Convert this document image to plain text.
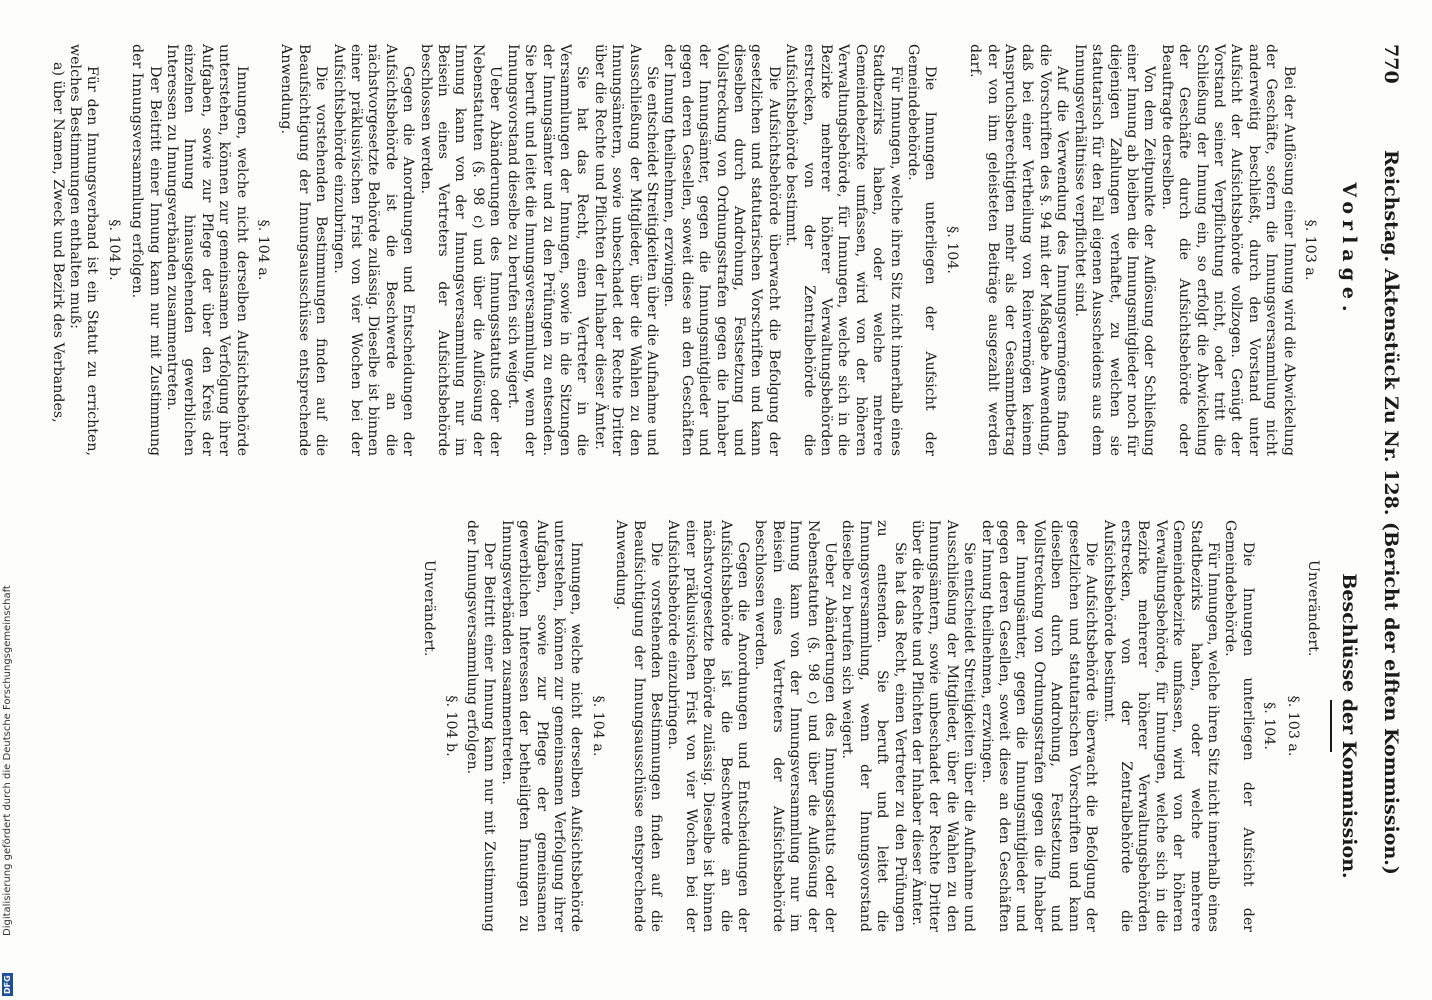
770
Reichstag. Aktenstück Zu Nr. 128. (Bericht der elften Kommission.)
Vorlage.
Beschlüsse der Kommission.

§. 103 a.

Bei der Auflösung einer Innung wird die Abwickelung der Geschäfte, sofern die Innungsversammlung nicht anderweitig beschließt, durch den Vorstand unter Aufsicht der Aufsichtsbehörde vollzogen. Genügt der Vorstand seiner Verpflichtung nicht, oder tritt die Schließung der Innung ein, so erfolgt die Abwickelung der Geschäfte durch die Aufsichtsbehörde oder Beauftragte derselben.

Von dem Zeitpunkte der Auflösung oder Schließung einer Innung ab bleiben die Innungsmitglieder noch für diejenigen Zahlungen verhaftet, zu welchen sie statutarisch für den Fall eigenen Ausscheidens aus dem Innungsverhältnisse verpflichtet sind.

Auf die Verwendung des Innungsvermögens finden die Vorschriften des §. 94 mit der Maßgabe Anwendung, daß bei einer Vertheilung von Reinvermögen keinem Anspruchsberechtigten mehr als der Gesammtbetrag der von ihm geleisteten Beiträge ausgezahlt werden darf.

§. 104.

Die Innungen unterliegen der Aufsicht der Gemeindebehörde.

Für Innungen, welche ihren Sitz nicht innerhalb eines Stadtbezirks haben, oder welche mehrere Gemeindebezirke umfassen, wird von der höheren Verwaltungsbehörde, für Innungen, welche sich in die Bezirke mehrerer höherer Verwaltungsbehörden erstrecken, von der Zentralbehörde die Aufsichtsbehörde bestimmt.

Die Aufsichtsbehörde überwacht die Befolgung der gesetzlichen und statutarischen Vorschriften und kann dieselben durch Androhung, Festsetzung und Vollstreckung von Ordnungsstrafen gegen die Inhaber der Innungsämter, gegen die Innungsmitglieder und gegen deren Gesellen, soweit diese an den Geschäften der Innung theilnehmen, erzwingen.

Sie entscheidet Streitigkeiten über die Aufnahme und Ausschließung der Mitglieder, über die Wahlen zu den Innungsämtern, sowie unbeschadet der Rechte Dritter über die Rechte und Pflichten der Inhaber dieser Ämter.

Sie hat das Recht, einen Vertreter in die Versammlungen der Innungen, sowie in die Sitzungen der Innungsämter und zu den Prüfungen zu entsenden. Sie beruft und leitet die Innungsversammlung, wenn der Innungsvorstand dieselbe zu berufen sich weigert.

Ueber Abänderungen des Innungsstatuts oder der Nebenstatuten (§. 98 c) und über die Auflösung der Innung kann von der Innungsversammlung nur im Beisein eines Vertreters der Aufsichtsbehörde beschlossen werden.

Gegen die Anordnungen und Entscheidungen der Aufsichtsbehörde ist die Beschwerde an die nächstvorgesetzte Behörde zulässig. Dieselbe ist binnen einer präklusivischen Frist von vier Wochen bei der Aufsichtsbehörde einzubringen.

Die vorstehenden Bestimmungen finden auf die Beaufsichtigung der Innungsausschüsse entsprechende Anwendung.

§. 104 a.

Innungen, welche nicht derselben Aufsichtsbehörde unterstehen, können zur gemeinsamen Verfolgung ihrer Aufgaben, sowie zur Pflege der über den Kreis der einzelnen Innung hinausgehenden gewerblichen Interessen zu Innungsverbänden zusammentreten.

Der Beitritt einer Innung kann nur mit Zustimmung der Innungsversammlung erfolgen.

§. 104 b.

Für den Innungsverband ist ein Statut zu errichten, welches Bestimmungen enthalten muß:

a) über Namen, Zweck und Bezirk des Verbandes,

Unverändert.

§. 103 a.

§. 104.

Die Innungen unterliegen der Aufsicht der Gemeindebehörde.

Für Innungen, welche ihren Sitz nicht innerhalb eines Stadtbezirks haben, oder welche mehrere Gemeindebezirke umfassen, wird von der höheren Verwaltungsbehörde, für Innungen, welche sich in die Bezirke mehrerer höherer Verwaltungsbehörden erstrecken, von der Zentralbehörde die Aufsichtsbehörde bestimmt.

Die Aufsichtsbehörde überwacht die Befolgung der gesetzlichen und statutarischen Vorschriften und kann dieselben durch Androhung, Festsetzung und Vollstreckung von Ordnungsstrafen gegen die Inhaber der Innungsämter, gegen die Innungsmitglieder und gegen deren Gesellen, soweit diese an den Geschäften der Innung theilnehmen, erzwingen.

Sie entscheidet Streitigkeiten über die Aufnahme und Ausschließung der Mitglieder, über die Wahlen zu den Innungsämtern, sowie unbeschadet der Rechte Dritter über die Rechte und Pflichten der Inhaber dieser Ämter.

Sie hat das Recht, einen Vertreter zu den Prüfungen zu entsenden. Sie beruft und leitet die Innungsversammlung, wenn der Innungsvorstand dieselbe zu berufen sich weigert.

Ueber Abänderungen des Innungsstatuts oder der Nebenstatuten (§. 98 c) und über die Auflösung der Innung kann von der Innungsversammlung nur im Beisein eines Vertreters der Aufsichtsbehörde beschlossen werden.

Gegen die Anordnungen und Entscheidungen der Aufsichtsbehörde ist die Beschwerde an die nächstvorgesetzte Behörde zulässig. Dieselbe ist binnen einer präklusivischen Frist von vier Wochen bei der Aufsichtsbehörde einzubringen.

Die vorstehenden Bestimmungen finden auf die Beaufsichtigung der Innungsausschüsse entsprechende Anwendung.

§. 104 a.

Innungen, welche nicht derselben Aufsichtsbehörde unterstehen, können zur gemeinsamen Verfolgung ihrer Aufgaben, sowie zur Pflege der gemeinsamen gewerblichen Interessen der betheiligten Innungen zu Innungsverbänden zusammentreten.

Der Beitritt einer Innung kann nur mit Zustimmung der Innungsversammlung erfolgen.

§. 104 b.

Unverändert.

Digitalisierung gefördert durch die Deutsche Forschungsgemeinschaft
DFG
